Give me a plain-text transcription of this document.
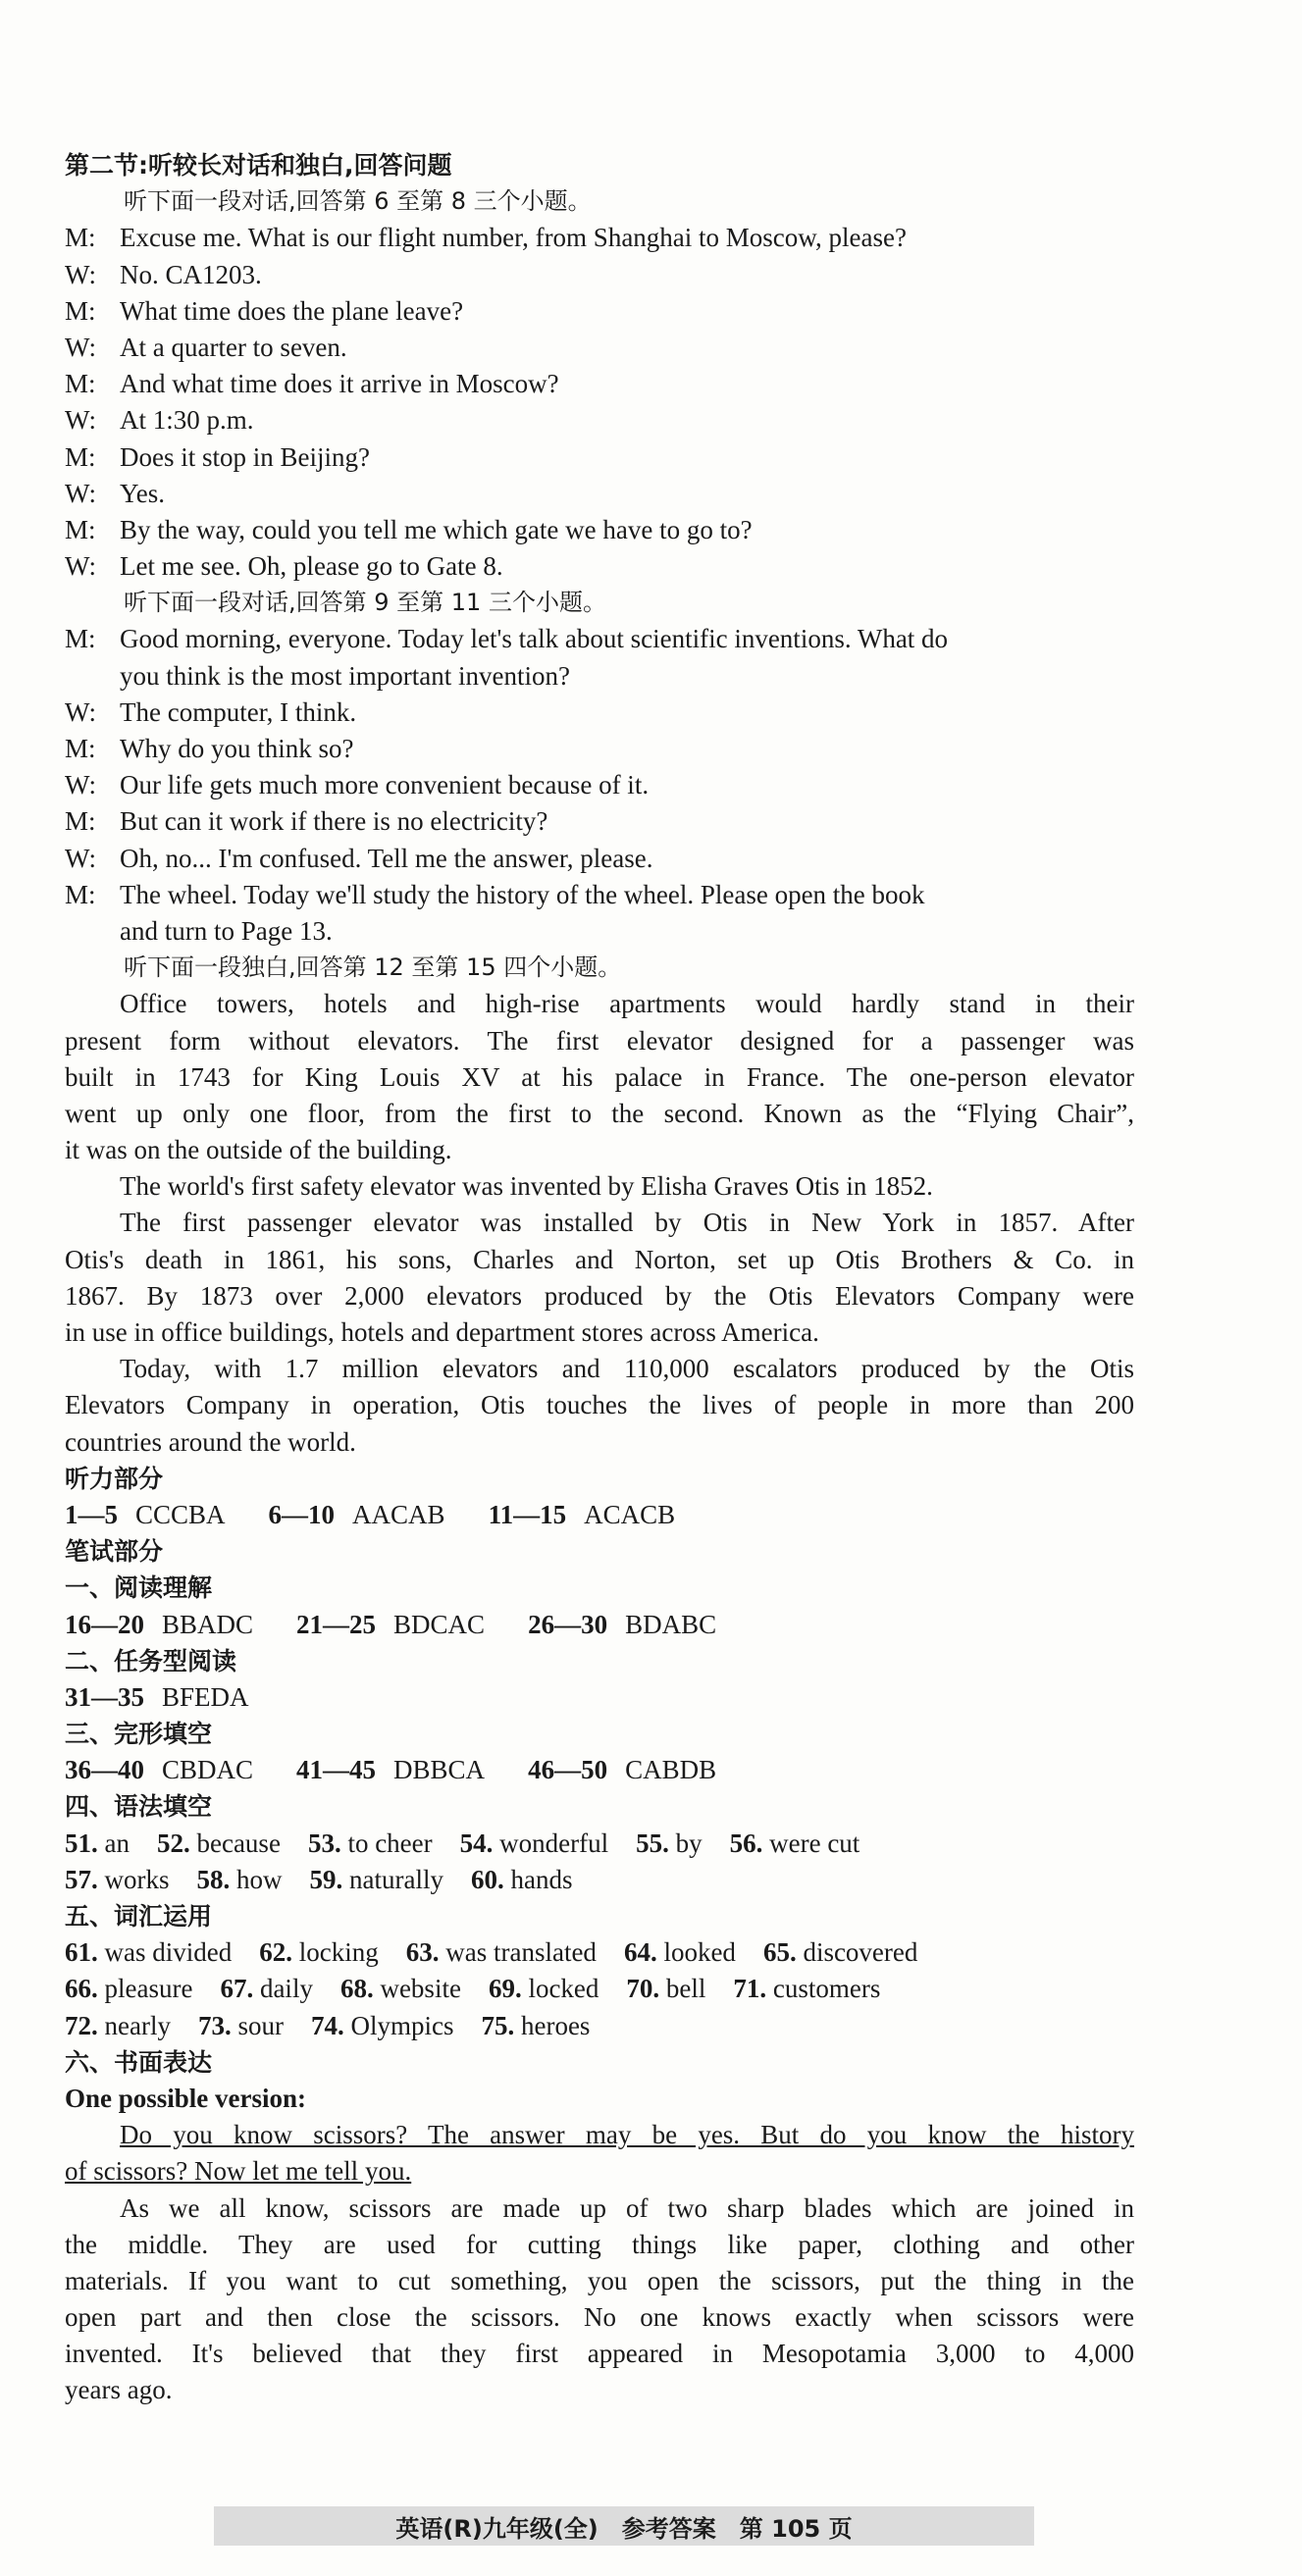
第二节:听较长对话和独白,回答问题
听下面一段对话,回答第 6 至第 8 三个小题。
M: Excuse me. What is our flight number, from Shanghai to Moscow, please?
W: No. CA1203.
M: What time does the plane leave?
W: At a quarter to seven.
M: And what time does it arrive in Moscow?
W: At 1:30 p.m.
M: Does it stop in Beijing?
W: Yes.
M: By the way, could you tell me which gate we have to go to?
W: Let me see. Oh, please go to Gate 8.
听下面一段对话,回答第 9 至第 11 三个小题。
M: Good morning, everyone. Today let's talk about scientific inventions. What do
you think is the most important invention?
W: The computer, I think.
M: Why do you think so?
W: Our life gets much more convenient because of it.
M: But can it work if there is no electricity?
W: Oh, no... I'm confused. Tell me the answer, please.
M: The wheel. Today we'll study the history of the wheel. Please open the book
and turn to Page 13.
听下面一段独白,回答第 12 至第 15 四个小题。
Office towers, hotels and high-rise apartments would hardly stand in their
present form without elevators. The first elevator designed for a passenger was
built in 1743 for King Louis XV at his palace in France. The one-person elevator
went up only one floor, from the first to the second. Known as the “Flying Chair”,
it was on the outside of the building.
The world's first safety elevator was invented by Elisha Graves Otis in 1852.
The first passenger elevator was installed by Otis in New York in 1857. After
Otis's death in 1861, his sons, Charles and Norton, set up Otis Brothers & Co. in
1867. By 1873 over 2,000 elevators produced by the Otis Elevators Company were
in use in office buildings, hotels and department stores across America.
Today, with 1.7 million elevators and 110,000 escalators produced by the Otis
Elevators Company in operation, Otis touches the lives of people in more than 200
countries around the world.
听力部分
1—5 CCCBA 6—10 AACAB 11—15 ACACB
笔试部分
一、阅读理解
16—20 BBADC 21—25 BDCAC 26—30 BDABC
二、任务型阅读
31—35 BFEDA
三、完形填空
36—40 CBDAC 41—45 DBBCA 46—50 CABDB
四、语法填空
51. an 52. because 53. to cheer 54. wonderful 55. by 56. were cut
57. works 58. how 59. naturally 60. hands
五、词汇运用
61. was divided 62. locking 63. was translated 64. looked 65. discovered
66. pleasure 67. daily 68. website 69. locked 70. bell 71. customers
72. nearly 73. sour 74. Olympics 75. heroes
六、书面表达
One possible version:
Do you know scissors? The answer may be yes. But do you know the history
of scissors? Now let me tell you.
As we all know, scissors are made up of two sharp blades which are joined in
the middle. They are used for cutting things like paper, clothing and other
materials. If you want to cut something, you open the scissors, put the thing in the
open part and then close the scissors. No one knows exactly when scissors were
invented. It's believed that they first appeared in Mesopotamia 3,000 to 4,000
years ago.
英语(R)九年级(全) 参考答案 第 105 页
